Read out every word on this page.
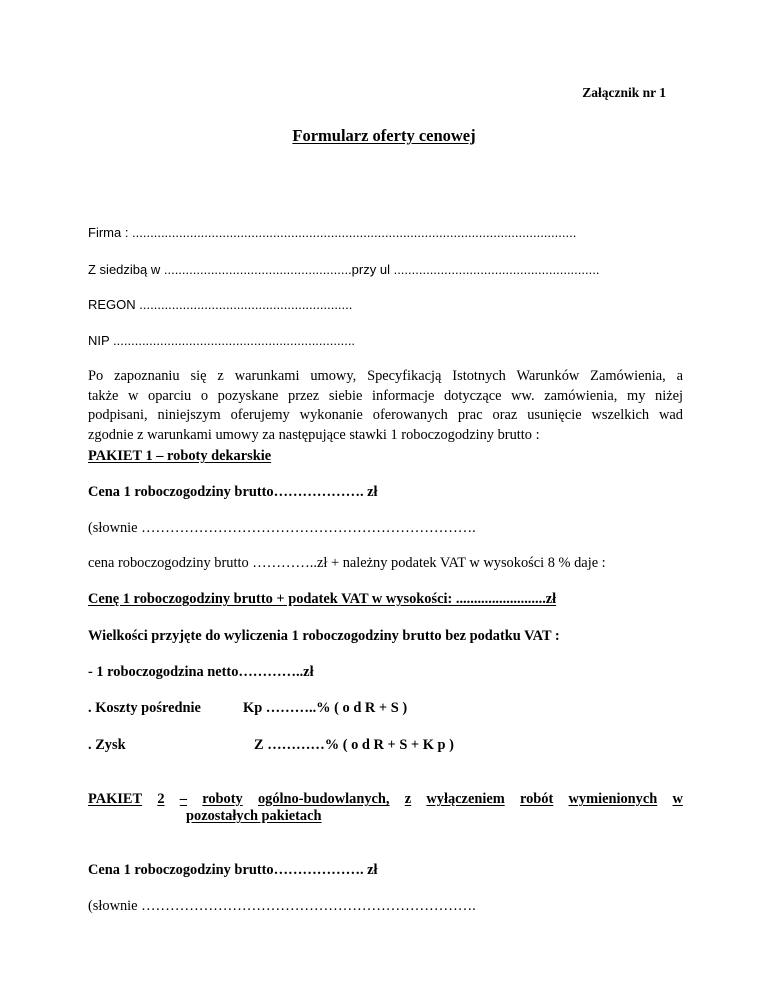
Załącznik nr 1
Formularz oferty cenowej
Firma : ...........................................................................................................................
Z siedzibą w ....................................................przy ul .........................................................
REGON ...........................................................
NIP ...................................................................
Po zapoznaniu się z warunkami umowy, Specyfikacją Istotnych Warunków Zamówienia, a
także w oparciu o pozyskane przez siebie informacje dotyczące ww. zamówienia, my niżej
podpisani, niniejszym oferujemy wykonanie oferowanych prac oraz usunięcie wszelkich wad
zgodnie z warunkami umowy za następujące stawki 1 roboczogodziny brutto :
PAKIET 1 – roboty dekarskie
Cena 1 roboczogodziny brutto………………. zł
(słownie …………………………………………………………….
cena roboczogodziny brutto …………..zł + należny podatek VAT w wysokości 8 % daje :
Cenę 1 roboczogodziny brutto + podatek VAT w wysokości: .........................zł
Wielkości przyjęte do wyliczenia 1 roboczogodziny brutto bez podatku VAT :
- 1 roboczogodzina netto…………..zł
. Koszty pośrednie	Kp ………..% ( o d R + S )
. Zysk	Z …………% ( o d R + S + K p )
PAKIET 2 – roboty ogólno-budowlanych, z wyłączeniem robót wymienionych w
pozostałych pakietach
Cena 1 roboczogodziny brutto………………. zł
(słownie …………………………………………………………….
